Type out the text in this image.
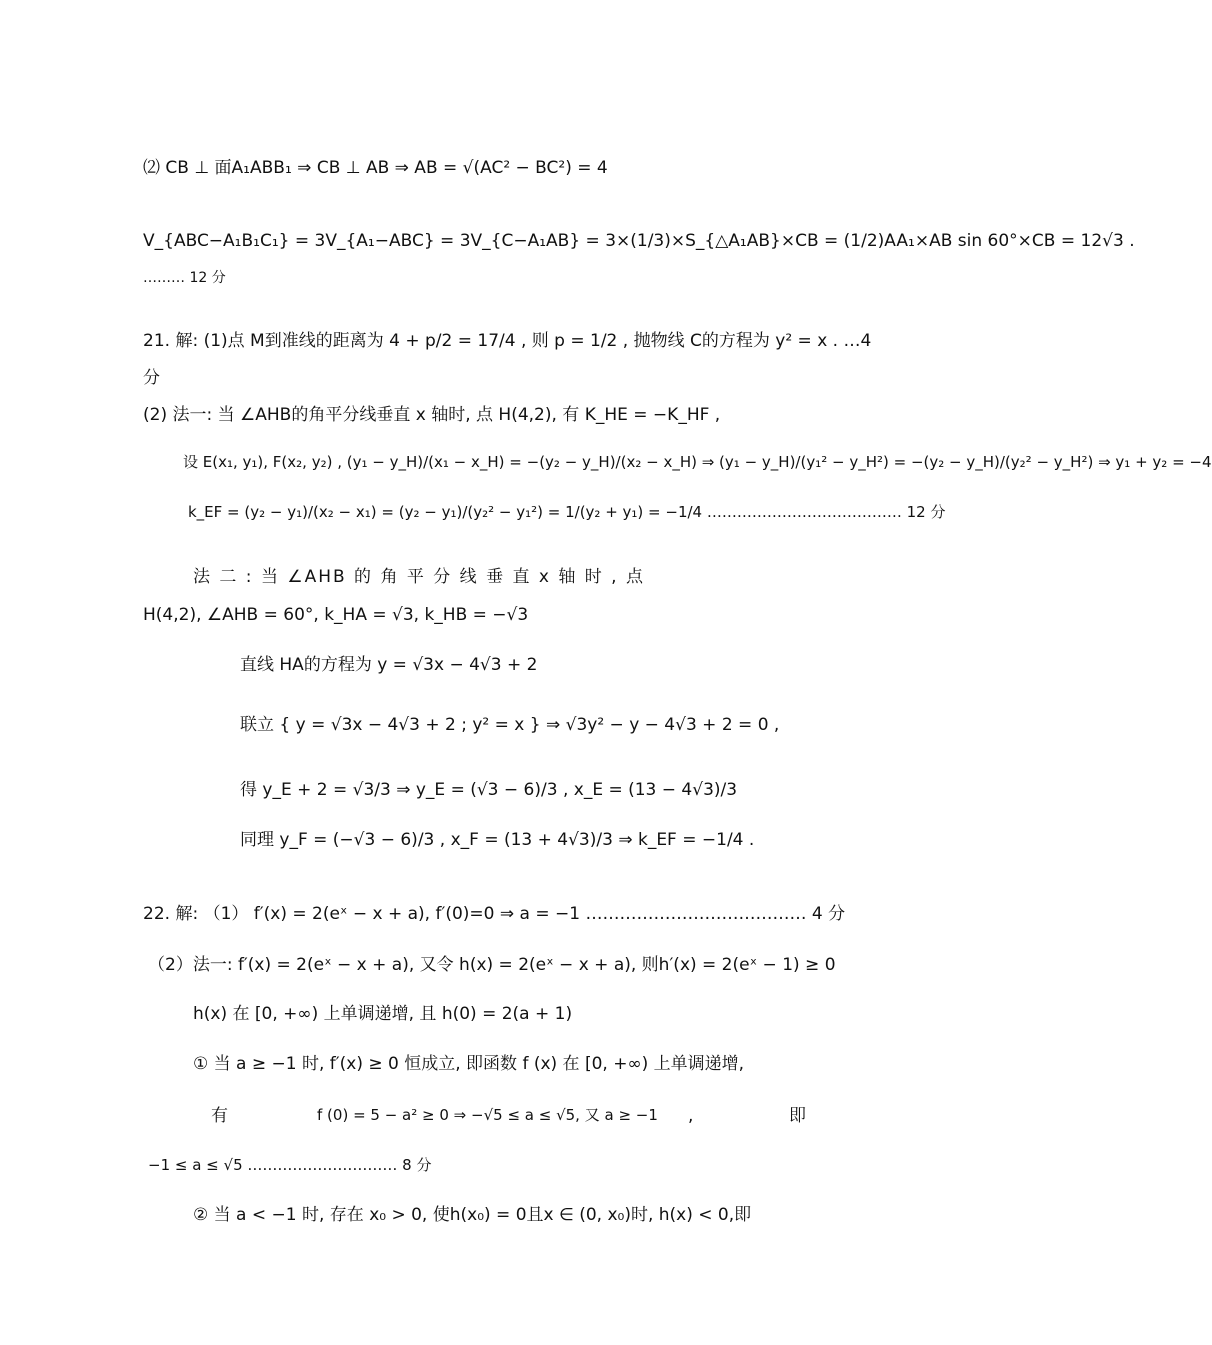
⑵ CB ⊥ 面A₁ABB₁ ⇒ CB ⊥ AB ⇒ AB = √(AC² − BC²) = 4
V_{ABC−A₁B₁C₁} = 3V_{A₁−ABC} = 3V_{C−A₁AB} = 3×(1/3)×S_{△A₁AB}×CB = (1/2)AA₁×AB sin 60°×CB = 12√3 .
……… 12 分
21. 解: (1)点 M到准线的距离为 4 + p/2 = 17/4 , 则 p = 1/2 , 抛物线 C的方程为 y² = x . …4
分
(2) 法一: 当 ∠AHB的角平分线垂直 x 轴时, 点 H(4,2), 有 K_HE = −K_HF ,
设 E(x₁, y₁), F(x₂, y₂) , (y₁ − y_H)/(x₁ − x_H) = −(y₂ − y_H)/(x₂ − x_H) ⇒ (y₁ − y_H)/(y₁² − y_H²) = −(y₂ − y_H)/(y₂² − y_H²) ⇒ y₁ + y₂ = −4
k_EF = (y₂ − y₁)/(x₂ − x₁) = (y₂ − y₁)/(y₂² − y₁²) = 1/(y₂ + y₁) = −1/4 ………………………………… 12 分
法 二 : 当 ∠AHB 的 角 平 分 线 垂 直 x 轴 时 , 点
H(4,2), ∠AHB = 60°, k_HA = √3, k_HB = −√3
直线 HA的方程为 y = √3x − 4√3 + 2
联立 { y = √3x − 4√3 + 2 ; y² = x } ⇒ √3y² − y − 4√3 + 2 = 0 ,
得 y_E + 2 = √3/3 ⇒ y_E = (√3 − 6)/3 , x_E = (13 − 4√3)/3
同理 y_F = (−√3 − 6)/3 , x_F = (13 + 4√3)/3 ⇒ k_EF = −1/4 .
22. 解: （1） f′(x) = 2(eˣ − x + a), f′(0)=0 ⇒ a = −1 ………………………………… 4 分
（2）法一: f′(x) = 2(eˣ − x + a), 又令 h(x) = 2(eˣ − x + a), 则h′(x) = 2(eˣ − 1) ≥ 0
h(x) 在 [0, +∞) 上单调递增, 且 h(0) = 2(a + 1)
① 当 a ≥ −1 时, f′(x) ≥ 0 恒成立, 即函数 f (x) 在 [0, +∞) 上单调递增,
有	f (0) = 5 − a² ≥ 0 ⇒ −√5 ≤ a ≤ √5, 又 a ≥ −1 ,	即
−1 ≤ a ≤ √5 ………………………… 8 分
② 当 a < −1 时, 存在 x₀ > 0, 使h(x₀) = 0且x ∈ (0, x₀)时, h(x) < 0,即
